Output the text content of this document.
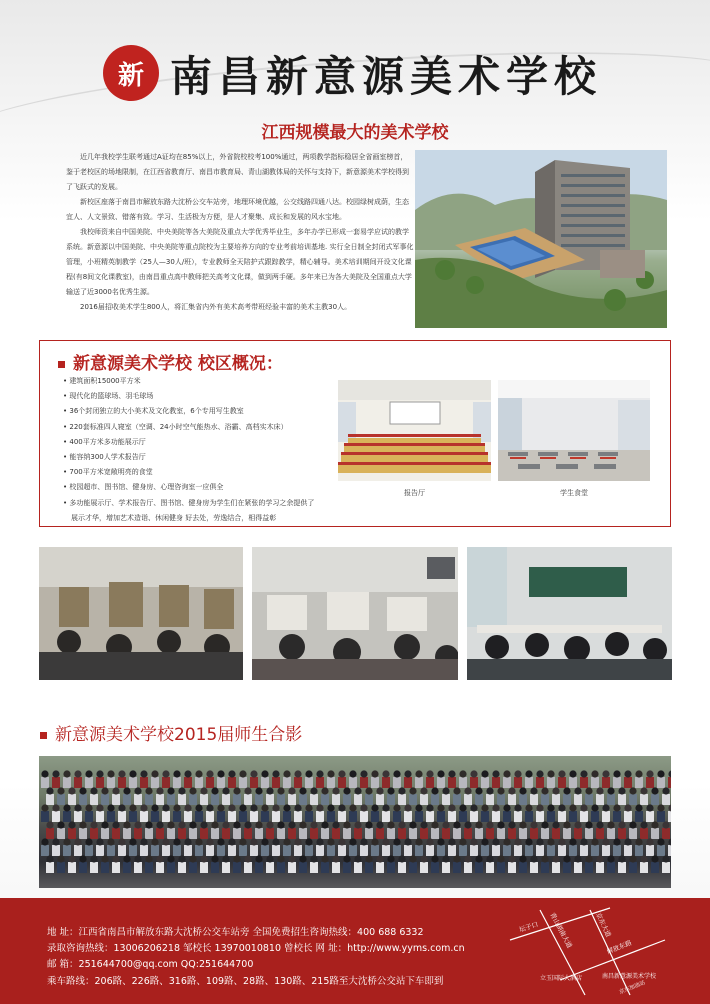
新 南昌新意源美术学校
江西规模最大的美术学校

近几年我校学生联考通过A证均在85%以上，外省院校校考100%通过，两项教学指标稳居全省画室榜首，鉴于老校区的场地限制，在江西省教育厅、南昌市教育局、青山湖教体局的关怀与支持下，新意源美术学校得到了飞跃式的发展。

新校区座落于南昌市解放东路大沈桥公交车站旁，地理环境优越，公交线路四通八达。校园绿树成荫，生态宜人、人文景致、错落有致。学习、生活极为方便，是人才聚集、成长和发展的风水宝地。

我校师资来自中国美院、中央美院等各大美院及重点大学优秀毕业生，多年办学已形成一套易学应试的教学系统。新意源以中国美院、中央美院等重点院校为主要培养方向的专业考前培训基地. 实行全日制全封闭式军事化管理，小班精英制教学（25人—30人/班），专业教师全天陪护式跟踪教学，精心辅导。美术培训期间开设文化课程(有8间文化课教室)，由南昌重点高中教师把关高考文化课，做到两手硬。多年来已为各大美院及全国重点大学输送了近3000名优秀生源。

2016届招收美术学生800人，将汇集省内外有美术高考带班经验丰富的美术主教30人。

新意源美术学校 校区概况：
• 建筑面积15000平方米
• 现代化的篮球场、羽毛球场
• 36个封闭独立的大小美术及文化教室，6个专用写生教室
• 220套标准四人寝室（空调、24小时空气能热水、浴霸、高档实木床）
• 400平方米多功能展示厅
• 能容纳300人学术报告厅
• 700平方米宽敞明亮的食堂
• 校园超市、图书馆、健身房、心理咨询室一应俱全
• 多功能展示厅、学术报告厅、图书馆、健身房为学生们在紧张的学习之余提供了
展示才华，增加艺术造诣、休闲健身 好去处，劳逸结合，相得益彰
报告厅	学生食堂
新意源美术学校2015届师生合影
地 址：江西省南昌市解放东路大沈桥公交车站旁 全国免费招生咨询热线：400 688 6332
录取咨询热线：13006206218 邹校长 13970010810 曾校长 网 址：http://www.yyms.com.cn
邮 箱：251644700@qq.com QQ:251644700
乘车路线：206路、226路、316路、109路、28路、130路、215路至大沈桥公交站下车即到
坛子口 青山湖南大道	京东大道
解放东路
立玉国际大酒店	南昌新意源美术学校
京东加油站
